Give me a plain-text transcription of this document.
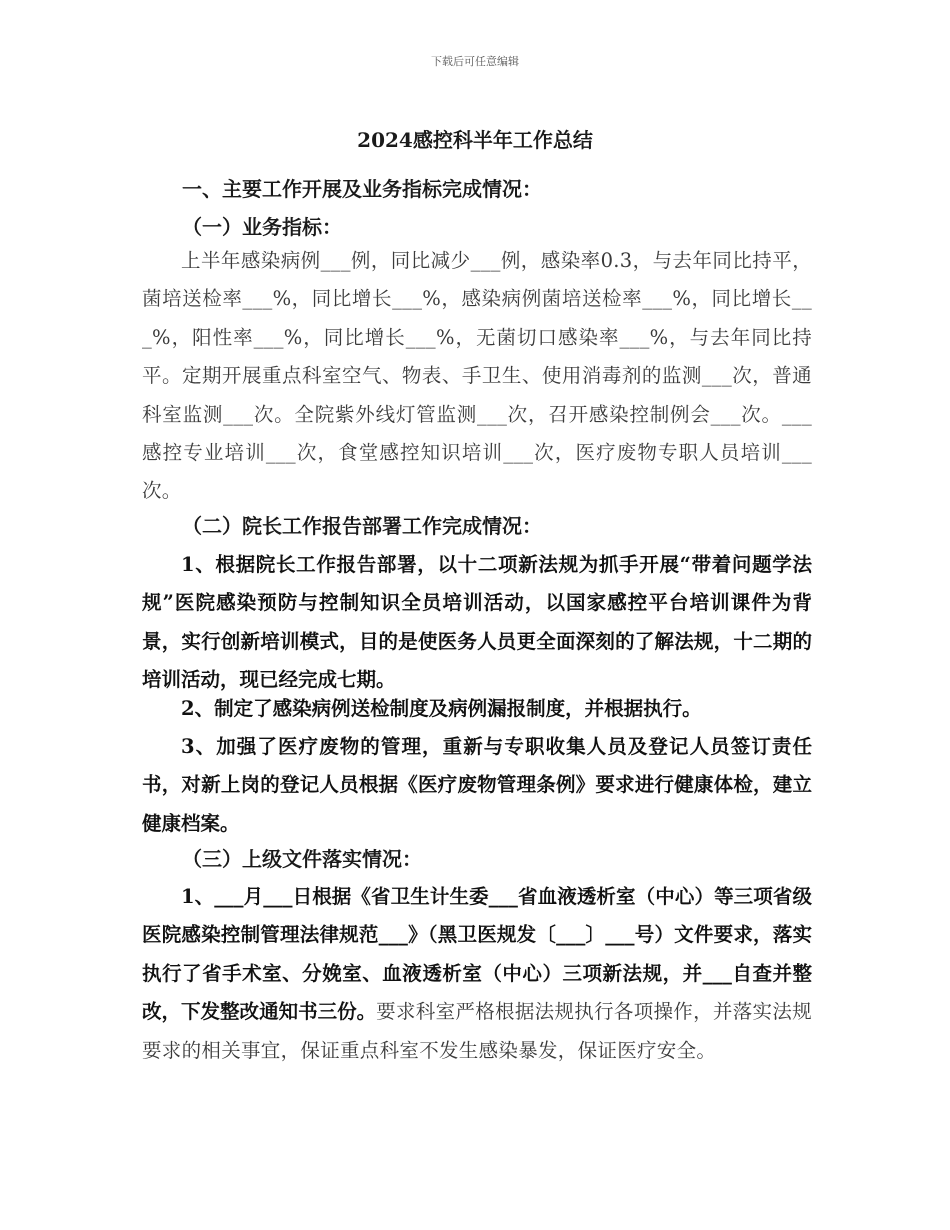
下载后可任意编辑
2024感控科半年工作总结
一、主要工作开展及业务指标完成情况：
（一）业务指标：

上半年感染病例___例，同比减少___例，感染率0.3，与去年同比持平，菌培送检率___%，同比增长___%，感染病例菌培送检率___%，同比增长___%，阳性率___%，同比增长___%，无菌切口感染率___%，与去年同比持平。定期开展重点科室空气、物表、手卫生、使用消毒剂的监测___次，普通科室监测___次。全院紫外线灯管监测___次，召开感染控制例会___次。___感控专业培训___次，食堂感控知识培训___次，医疗废物专职人员培训___次。

（二）院长工作报告部署工作完成情况：

1、根据院长工作报告部署，以十二项新法规为抓手开展“带着问题学法规”医院感染预防与控制知识全员培训活动，以国家感控平台培训课件为背景，实行创新培训模式，目的是使医务人员更全面深刻的了解法规，十二期的培训活动，现已经完成七期。

2、制定了感染病例送检制度及病例漏报制度，并根据执行。

3、加强了医疗废物的管理，重新与专职收集人员及登记人员签订责任书，对新上岗的登记人员根据《医疗废物管理条例》要求进行健康体检，建立健康档案。

（三）上级文件落实情况：

1、___月___日根据《省卫生计生委___省血液透析室（中心）等三项省级医院感染控制管理法律规范___》（黑卫医规发〔___〕___号）文件要求，落实执行了省手术室、分娩室、血液透析室（中心）三项新法规，并___自查并整改，下发整改通知书三份。要求科室严格根据法规执行各项操作，并落实法规要求的相关事宜，保证重点科室不发生感染暴发，保证医疗安全。
